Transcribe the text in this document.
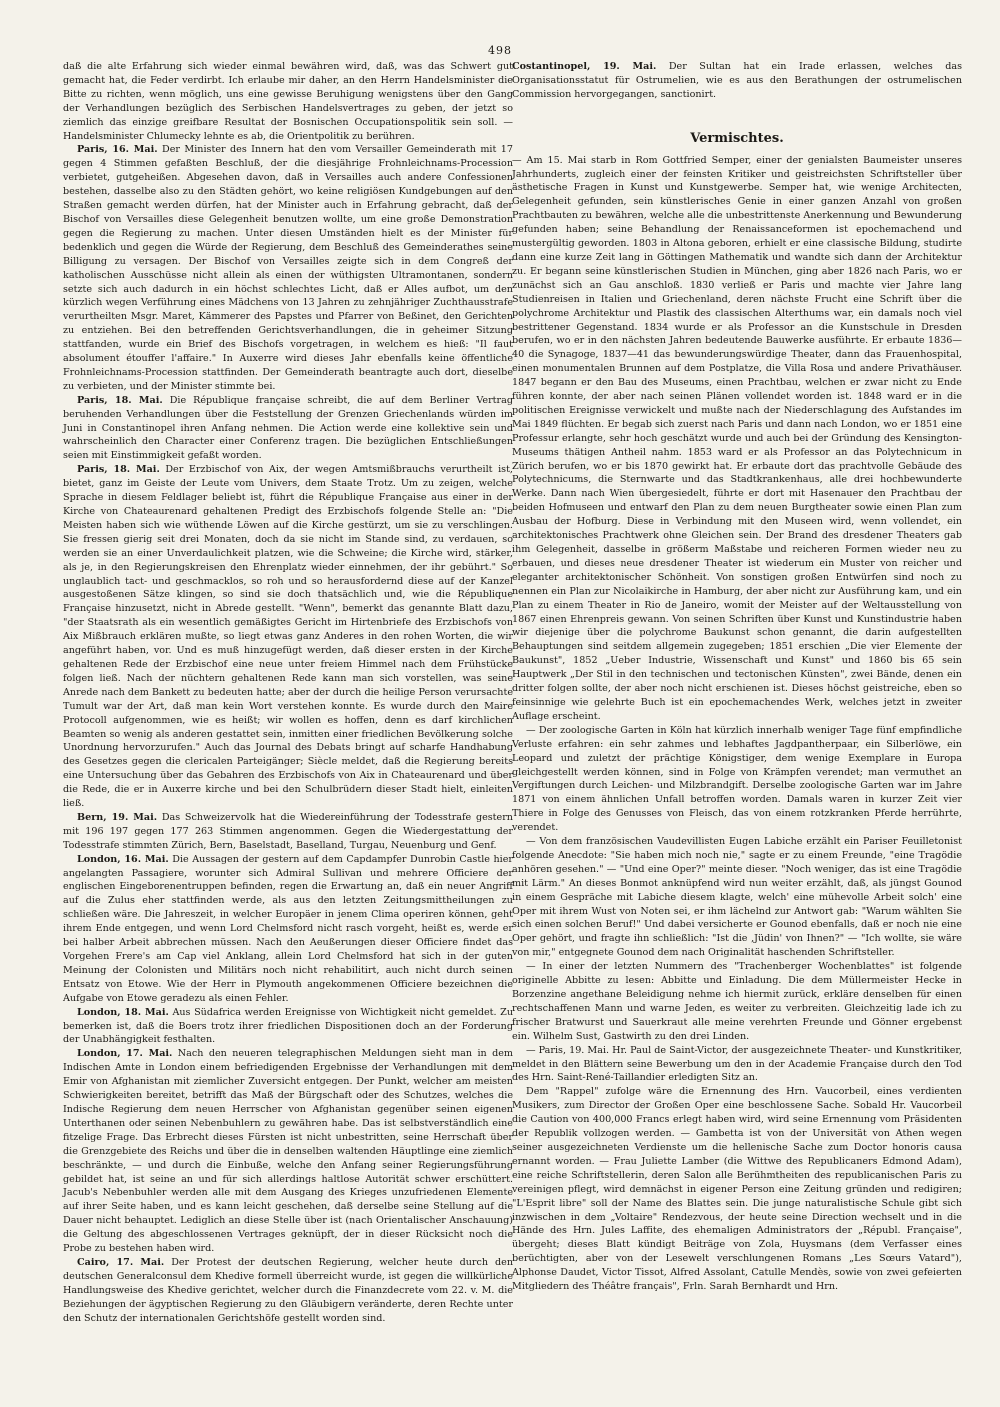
498

daß die alte Erfahrung sich wieder einmal bewähren wird, daß, was das Schwert gut gemacht hat, die Feder verdirbt. Ich erlaube mir daher, an den Herrn Handelsminister die Bitte zu richten, wenn möglich, uns eine gewisse Beruhigung wenigstens über den Gang der Verhandlungen bezüglich des Serbischen Handelsvertrages zu geben, der jetzt so ziemlich das einzige greifbare Resultat der Bosnischen Occupationspolitik sein soll. — Handelsminister Chlumecky lehnte es ab, die Orientpolitik zu berühren.

Paris, 16. Mai. Der Minister des Innern hat den vom Versailler Gemeinderath mit 17 gegen 4 Stimmen gefaßten Beschluß, der die diesjährige Frohnleichnams-Procession verbietet, gutgeheißen. Abgesehen davon, daß in Versailles auch andere Confessionen bestehen, dasselbe also zu den Städten gehört, wo keine religiösen Kundgebungen auf den Straßen gemacht werden dürfen, hat der Minister auch in Erfahrung gebracht, daß der Bischof von Versailles diese Gelegenheit benutzen wollte, um eine große Demonstration gegen die Regierung zu machen. Unter diesen Umständen hielt es der Minister für bedenklich und gegen die Würde der Regierung, dem Beschluß des Gemeinderathes seine Billigung zu versagen. Der Bischof von Versailles zeigte sich in dem Congreß der katholischen Ausschüsse nicht allein als einen der wüthigsten Ultramontanen, sondern setzte sich auch dadurch in ein höchst schlechtes Licht, daß er Alles aufbot, um den kürzlich wegen Verführung eines Mädchens von 13 Jahren zu zehnjähriger Zuchthausstrafe verurtheilten Msgr. Maret, Kämmerer des Papstes und Pfarrer von Beßinet, den Gerichten zu entziehen. Bei den betreffenden Gerichtsverhandlungen, die in geheimer Sitzung stattfanden, wurde ein Brief des Bischofs vorgetragen, in welchem es hieß: "Il faut absolument étouffer l'affaire." In Auxerre wird dieses Jahr ebenfalls keine öffentliche Frohnleichnams-Procession stattfinden. Der Gemeinderath beantragte auch dort, dieselbe zu verbieten, und der Minister stimmte bei.

Paris, 18. Mai. Die République française schreibt, die auf dem Berliner Vertrag beruhenden Verhandlungen über die Feststellung der Grenzen Griechenlands würden im Juni in Constantinopel ihren Anfang nehmen. Die Action werde eine kollektive sein und wahrscheinlich den Character einer Conferenz tragen. Die bezüglichen Entschließungen seien mit Einstimmigkeit gefaßt worden.

Paris, 18. Mai. Der Erzbischof von Aix, der wegen Amtsmißbrauchs verurtheilt ist, bietet, ganz im Geiste der Leute vom Univers, dem Staate Trotz. Um zu zeigen, welche Sprache in diesem Feldlager beliebt ist, führt die République Française aus einer in der Kirche von Chateaurenard gehaltenen Predigt des Erzbischofs folgende Stelle an: "Die Meisten haben sich wie wüthende Löwen auf die Kirche gestürzt, um sie zu verschlingen. Sie fressen gierig seit drei Monaten, doch da sie nicht im Stande sind, zu verdauen, so werden sie an einer Unverdaulichkeit platzen, wie die Schweine; die Kirche wird, stärker, als je, in den Regierungskreisen den Ehrenplatz wieder einnehmen, der ihr gebührt." So unglaublich tact- und geschmacklos, so roh und so herausfordernd diese auf der Kanzel ausgestoßenen Sätze klingen, so sind sie doch thatsächlich und, wie die République Française hinzusetzt, nicht in Abrede gestellt. "Wenn", bemerkt das genannte Blatt dazu, "der Staatsrath als ein wesentlich gemäßigtes Gericht im Hirtenbriefe des Erzbischofs von Aix Mißbrauch erklären mußte, so liegt etwas ganz Anderes in den rohen Worten, die wir angeführt haben, vor. Und es muß hinzugefügt werden, daß dieser ersten in der Kirche gehaltenen Rede der Erzbischof eine neue unter freiem Himmel nach dem Frühstücke folgen ließ. Nach der nüchtern gehaltenen Rede kann man sich vorstellen, was seine Anrede nach dem Bankett zu bedeuten hatte; aber der durch die heilige Person verursachte Tumult war der Art, daß man kein Wort verstehen konnte. Es wurde durch den Maire Protocoll aufgenommen, wie es heißt; wir wollen es hoffen, denn es darf kirchlichen Beamten so wenig als anderen gestattet sein, inmitten einer friedlichen Bevölkerung solche Unordnung hervorzurufen." Auch das Journal des Debats bringt auf scharfe Handhabung des Gesetzes gegen die clericalen Parteigänger; Siècle meldet, daß die Regierung bereits eine Untersuchung über das Gebahren des Erzbischofs von Aix in Chateaurenard und über die Rede, die er in Auxerre kirche und bei den Schulbrüdern dieser Stadt hielt, einleiten ließ.

Bern, 19. Mai. Das Schweizervolk hat die Wiedereinführung der Todesstrafe gestern mit 196 197 gegen 177 263 Stimmen angenommen. Gegen die Wiedergestattung der Todesstrafe stimmten Zürich, Bern, Baselstadt, Baselland, Turgau, Neuenburg und Genf.

London, 16. Mai. Die Aussagen der gestern auf dem Capdampfer Dunrobin Castle hier angelangten Passagiere, worunter sich Admiral Sullivan und mehrere Officiere der englischen Eingeborenentruppen befinden, regen die Erwartung an, daß ein neuer Angriff auf die Zulus eher stattfinden werde, als aus den letzten Zeitungsmittheilungen zu schließen wäre. Die Jahreszeit, in welcher Europäer in jenem Clima operiren können, geht ihrem Ende entgegen, und wenn Lord Chelmsford nicht rasch vorgeht, heißt es, werde er bei halber Arbeit abbrechen müssen. Nach den Aeußerungen dieser Officiere findet das Vorgehen Frere's am Cap viel Anklang, allein Lord Chelmsford hat sich in der guten Meinung der Colonisten und Militärs noch nicht rehabilitirt, auch nicht durch seinen Entsatz von Etowe. Wie der Herr in Plymouth angekommenen Officiere bezeichnen die Aufgabe von Etowe geradezu als einen Fehler.

London, 18. Mai. Aus Südafrica werden Ereignisse von Wichtigkeit nicht gemeldet. Zu bemerken ist, daß die Boers trotz ihrer friedlichen Dispositionen doch an der Forderung der Unabhängigkeit festhalten.

London, 17. Mai. Nach den neueren telegraphischen Meldungen sieht man in dem Indischen Amte in London einem befriedigenden Ergebnisse der Verhandlungen mit dem Emir von Afghanistan mit ziemlicher Zuversicht entgegen. Der Punkt, welcher am meisten Schwierigkeiten bereitet, betrifft das Maß der Bürgschaft oder des Schutzes, welches die Indische Regierung dem neuen Herrscher von Afghanistan gegenüber seinen eigenen Unterthanen oder seinen Nebenbuhlern zu gewähren habe. Das ist selbstverständlich eine fitzelige Frage. Das Erbrecht dieses Fürsten ist nicht unbestritten, seine Herrschaft über die Grenzgebiete des Reichs und über die in denselben waltenden Häuptlinge eine ziemlich beschränkte, — und durch die Einbuße, welche den Anfang seiner Regierungsführung gebildet hat, ist seine an und für sich allerdings haltlose Autorität schwer erschüttert. Jacub's Nebenbuhler werden alle mit dem Ausgang des Krieges unzufriedenen Elemente auf ihrer Seite haben, und es kann leicht geschehen, daß derselbe seine Stellung auf die Dauer nicht behauptet. Lediglich an diese Stelle über ist (nach Orientalischer Anschauung) die Geltung des abgeschlossenen Vertrages geknüpft, der in dieser Rücksicht noch die Probe zu bestehen haben wird.

Cairo, 17. Mai. Der Protest der deutschen Regierung, welcher heute durch den deutschen Generalconsul dem Khedive formell überreicht wurde, ist gegen die willkürliche Handlungsweise des Khedive gerichtet, welcher durch die Finanzdecrete vom 22. v. M. die Beziehungen der ägyptischen Regierung zu den Gläubigern veränderte, deren Rechte unter den Schutz der internationalen Gerichtshöfe gestellt worden sind.

Costantinopel, 19. Mai. Der Sultan hat ein Irade erlassen, welches das Organisationsstatut für Ostrumelien, wie es aus den Berathungen der ostrumelischen Commission hervorgegangen, sanctionirt.

Vermischtes.

— Am 15. Mai starb in Rom Gottfried Semper, einer der genialsten Baumeister unseres Jahrhunderts, zugleich einer der feinsten Kritiker und geistreichsten Schriftsteller über ästhetische Fragen in Kunst und Kunstgewerbe. Semper hat, wie wenige Architecten, Gelegenheit gefunden, sein künstlerisches Genie in einer ganzen Anzahl von großen Prachtbauten zu bewähren, welche alle die unbestrittenste Anerkennung und Bewunderung gefunden haben; seine Behandlung der Renaissanceformen ist epochemachend und mustergültig geworden. 1803 in Altona geboren, erhielt er eine classische Bildung, studirte dann eine kurze Zeit lang in Göttingen Mathematik und wandte sich dann der Architektur zu. Er begann seine künstlerischen Studien in München, ging aber 1826 nach Paris, wo er zunächst sich an Gau anschloß. 1830 verließ er Paris und machte vier Jahre lang Studienreisen in Italien und Griechenland, deren nächste Frucht eine Schrift über die polychrome Architektur und Plastik des classischen Alterthums war, ein damals noch viel bestrittener Gegenstand. 1834 wurde er als Professor an die Kunstschule in Dresden berufen, wo er in den nächsten Jahren bedeutende Bauwerke ausführte. Er erbaute 1836—40 die Synagoge, 1837—41 das bewunderungswürdige Theater, dann das Frauenhospital, einen monumentalen Brunnen auf dem Postplatze, die Villa Rosa und andere Privathäuser. 1847 begann er den Bau des Museums, einen Prachtbau, welchen er zwar nicht zu Ende führen konnte, der aber nach seinen Plänen vollendet worden ist. 1848 ward er in die politischen Ereignisse verwickelt und mußte nach der Niederschlagung des Aufstandes im Mai 1849 flüchten. Er begab sich zuerst nach Paris und dann nach London, wo er 1851 eine Professur erlangte, sehr hoch geschätzt wurde und auch bei der Gründung des Kensington-Museums thätigen Antheil nahm. 1853 ward er als Professor an das Polytechnicum in Zürich berufen, wo er bis 1870 gewirkt hat. Er erbaute dort das prachtvolle Gebäude des Polytechnicums, die Sternwarte und das Stadtkrankenhaus, alle drei hochbewunderte Werke. Dann nach Wien übergesiedelt, führte er dort mit Hasenauer den Prachtbau der beiden Hofmuseen und entwarf den Plan zu dem neuen Burgtheater sowie einen Plan zum Ausbau der Hofburg. Diese in Verbindung mit den Museen wird, wenn vollendet, ein architektonisches Prachtwerk ohne Gleichen sein. Der Brand des dresdener Theaters gab ihm Gelegenheit, dasselbe in größerm Maßstabe und reicheren Formen wieder neu zu erbauen, und dieses neue dresdener Theater ist wiederum ein Muster von reicher und eleganter architektonischer Schönheit. Von sonstigen großen Entwürfen sind noch zu nennen ein Plan zur Nicolaikirche in Hamburg, der aber nicht zur Ausführung kam, und ein Plan zu einem Theater in Rio de Janeiro, womit der Meister auf der Weltausstellung von 1867 einen Ehrenpreis gewann. Von seinen Schriften über Kunst und Kunstindustrie haben wir diejenige über die polychrome Baukunst schon genannt, die darin aufgestellten Behauptungen sind seitdem allgemein zugegeben; 1851 erschien „Die vier Elemente der Baukunst", 1852 „Ueber Industrie, Wissenschaft und Kunst" und 1860 bis 65 sein Hauptwerk „Der Stil in den technischen und tectonischen Künsten", zwei Bände, denen ein dritter folgen sollte, der aber noch nicht erschienen ist. Dieses höchst geistreiche, eben so feinsinnige wie gelehrte Buch ist ein epochemachendes Werk, welches jetzt in zweiter Auflage erscheint.

— Der zoologische Garten in Köln hat kürzlich innerhalb weniger Tage fünf empfindliche Verluste erfahren: ein sehr zahmes und lebhaftes Jagdpantherpaar, ein Silberlöwe, ein Leopard und zuletzt der prächtige Königstiger, dem wenige Exemplare in Europa gleichgestellt werden können, sind in Folge von Krämpfen verendet; man vermuthet an Vergiftungen durch Leichen- und Milzbrandgift. Derselbe zoologische Garten war im Jahre 1871 von einem ähnlichen Unfall betroffen worden. Damals waren in kurzer Zeit vier Thiere in Folge des Genusses von Fleisch, das von einem rotzkranken Pferde herrührte, verendet.

— Von dem französischen Vaudevillisten Eugen Labiche erzählt ein Pariser Feuilletonist folgende Anecdote: "Sie haben mich noch nie," sagte er zu einem Freunde, "eine Tragödie anhören gesehen." — "Und eine Oper?" meinte dieser. "Noch weniger, das ist eine Tragödie mit Lärm." An dieses Bonmot anknüpfend wird nun weiter erzählt, daß, als jüngst Gounod in einem Gespräche mit Labiche diesem klagte, welch' eine mühevolle Arbeit solch' eine Oper mit ihrem Wust von Noten sei, er ihm lächelnd zur Antwort gab: "Warum wählten Sie sich einen solchen Beruf!" Und dabei versicherte er Gounod ebenfalls, daß er noch nie eine Oper gehört, und fragte ihn schließlich: "Ist die ‚Jüdin' von Ihnen?" — "Ich wollte, sie wäre von mir," entgegnete Gounod dem nach Originalität haschenden Schriftsteller.

— In einer der letzten Nummern des "Trachenberger Wochenblattes" ist folgende originelle Abbitte zu lesen: Abbitte und Einladung. Die dem Müllermeister Hecke in Borzenzine angethane Beleidigung nehme ich hiermit zurück, erkläre denselben für einen rechtschaffenen Mann und warne Jeden, es weiter zu verbreiten. Gleichzeitig lade ich zu frischer Bratwurst und Sauerkraut alle meine verehrten Freunde und Gönner ergebenst ein. Wilhelm Sust, Gastwirth zu den drei Linden.

— Paris, 19. Mai. Hr. Paul de Saint-Victor, der ausgezeichnete Theater- und Kunstkritiker, meldet in den Blättern seine Bewerbung um den in der Academie Française durch den Tod des Hrn. Saint-René-Taillandier erledigten Sitz an.

Dem "Rappel" zufolge wäre die Ernennung des Hrn. Vaucorbeil, eines verdienten Musikers, zum Director der Großen Oper eine beschlossene Sache. Sobald Hr. Vaucorbeil die Caution von 400,000 Francs erlegt haben wird, wird seine Ernennung vom Präsidenten der Republik vollzogen werden. — Gambetta ist von der Universität von Athen wegen seiner ausgezeichneten Verdienste um die hellenische Sache zum Doctor honoris causa ernannt worden. — Frau Juliette Lamber (die Wittwe des Republicaners Edmond Adam), eine reiche Schriftstellerin, deren Salon alle Berühmtheiten des republicanischen Paris zu vereinigen pflegt, wird demnächst in eigener Person eine Zeitung gründen und redigiren; "L'Esprit libre" soll der Name des Blattes sein. Die junge naturalistische Schule gibt sich inzwischen in dem „Voltaire" Rendezvous, der heute seine Direction wechselt und in die Hände des Hrn. Jules Laffite, des ehemaligen Administrators der „Républ. Française", übergeht; dieses Blatt kündigt Beiträge von Zola, Huysmans (dem Verfasser eines berüchtigten, aber von der Lesewelt verschlungenen Romans „Les Sœurs Vatard"), Alphonse Daudet, Victor Tissot, Alfred Assolant, Catulle Mendès, sowie von zwei gefeierten Mitgliedern des Théâtre français", Frln. Sarah Bernhardt und Hrn.
